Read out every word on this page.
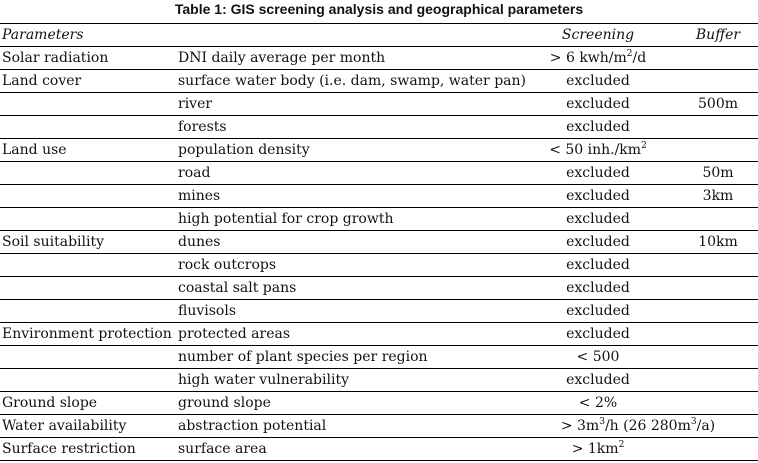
Table 1: GIS screening analysis and geographical parameters
Parameters		Screening	Buffer
Solar radiation	DNI daily average per month	> 6 kwh/$m^2/d$	
Land cover	surface water body (i.e. dam, swamp, water pan)	excluded	
	river	excluded	500m
	forests	excluded	
Land use	population density	< 50 $inh./km^2$	
	road	excluded	50m
	mines	excluded	3km
	high potential for crop growth	excluded	
Soil suitability	dunes	excluded	10km
	rock outcrops	excluded	
	coastal salt pans	excluded	
	fluvisols	excluded	
Environment protection	protected areas	excluded	
	number of plant species per region	< 500	
	high water vulnerability	excluded	
Ground slope	ground slope	< 2%	
Water availability	abstraction potential	> $3m^3/h$ (26 $280m^3/a$)	
Surface restriction	surface area	> $1km^2$	
